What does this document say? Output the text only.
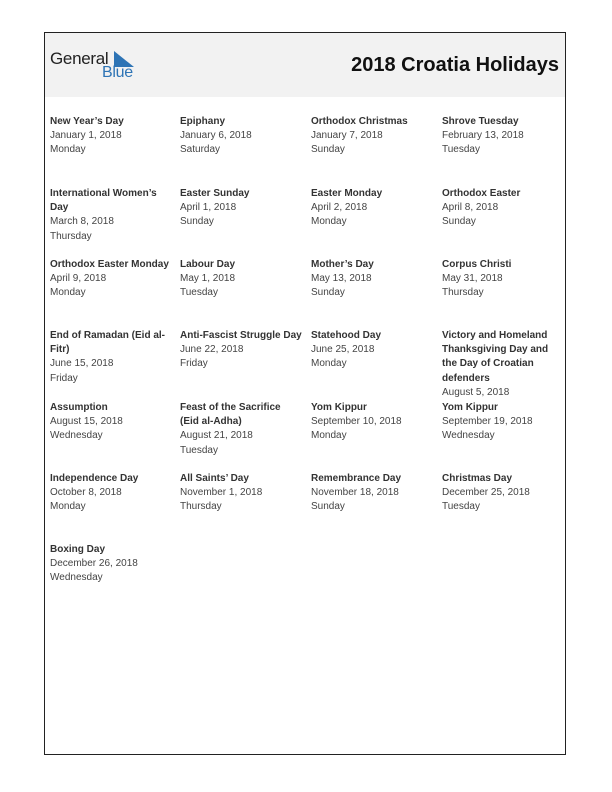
General
Blue	2018 Croatia Holidays
New Year’s Day
January 1, 2018
Monday
Epiphany
January 6, 2018
Saturday
Orthodox Christmas
January 7, 2018
Sunday
Shrove Tuesday
February 13, 2018
Tuesday
International Women’s Day
March 8, 2018
Thursday
Easter Sunday
April 1, 2018
Sunday
Easter Monday
April 2, 2018
Monday
Orthodox Easter
April 8, 2018
Sunday
Orthodox Easter Monday
April 9, 2018
Monday
Labour Day
May 1, 2018
Tuesday
Mother’s Day
May 13, 2018
Sunday
Corpus Christi
May 31, 2018
Thursday
End of Ramadan (Eid al-Fitr)
June 15, 2018
Friday
Anti-Fascist Struggle Day
June 22, 2018
Friday
Statehood Day
June 25, 2018
Monday
Victory and Homeland Thanksgiving Day and the Day of Croatian defenders
August 5, 2018
Assumption
August 15, 2018
Wednesday
Feast of the Sacrifice (Eid al-Adha)
August 21, 2018
Tuesday
Yom Kippur
September 10, 2018
Monday
Yom Kippur
September 19, 2018
Wednesday
Independence Day
October 8, 2018
Monday
All Saints’ Day
November 1, 2018
Thursday
Remembrance Day
November 18, 2018
Sunday
Christmas Day
December 25, 2018
Tuesday
Boxing Day
December 26, 2018
Wednesday
